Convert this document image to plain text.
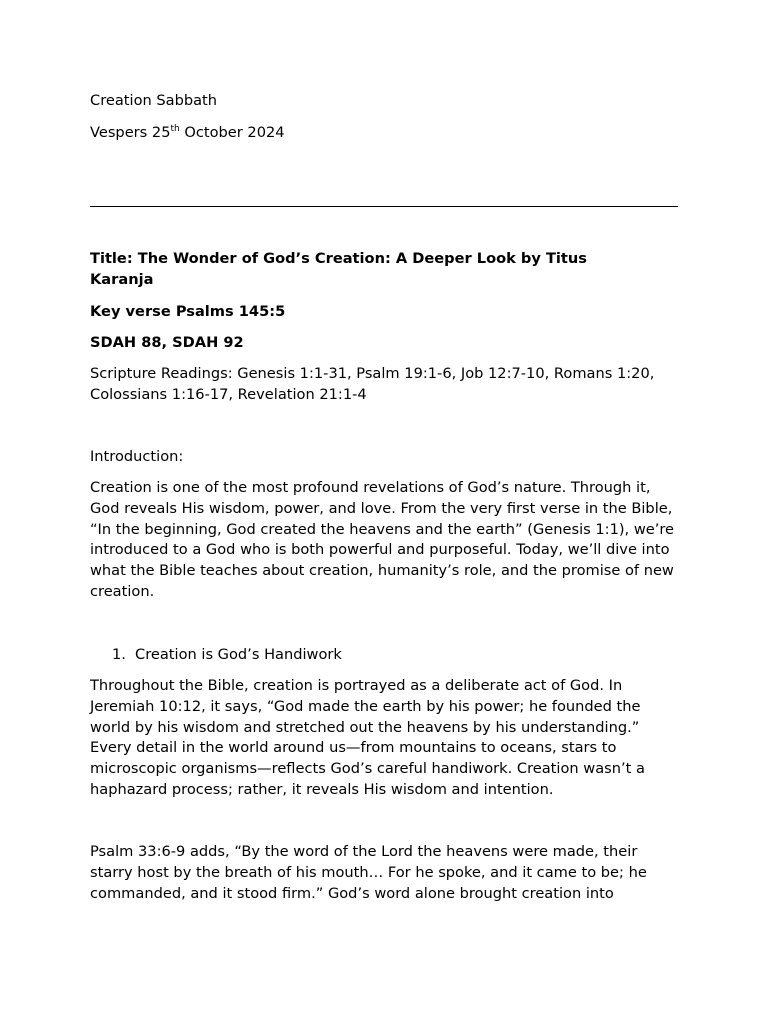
Creation Sabbath
Vespers 25th October 2024
Title: The Wonder of God’s Creation: A Deeper Look by Titus Karanja
Key verse Psalms 145:5
SDAH 88, SDAH 92
Scripture Readings: Genesis 1:1-31, Psalm 19:1-6, Job 12:7-10, Romans 1:20, Colossians 1:16-17, Revelation 21:1-4
Introduction:
Creation is one of the most profound revelations of God’s nature. Through it, God reveals His wisdom, power, and love. From the very first verse in the Bible, “In the beginning, God created the heavens and the earth” (Genesis 1:1), we’re introduced to a God who is both powerful and purposeful. Today, we’ll dive into what the Bible teaches about creation, humanity’s role, and the promise of new creation.
1. Creation is God’s Handiwork
Throughout the Bible, creation is portrayed as a deliberate act of God. In Jeremiah 10:12, it says, “God made the earth by his power; he founded the world by his wisdom and stretched out the heavens by his understanding.” Every detail in the world around us—from mountains to oceans, stars to microscopic organisms—reflects God’s careful handiwork. Creation wasn’t a haphazard process; rather, it reveals His wisdom and intention.
Psalm 33:6-9 adds, “By the word of the Lord the heavens were made, their starry host by the breath of his mouth… For he spoke, and it came to be; he commanded, and it stood firm.” God’s word alone brought creation into
